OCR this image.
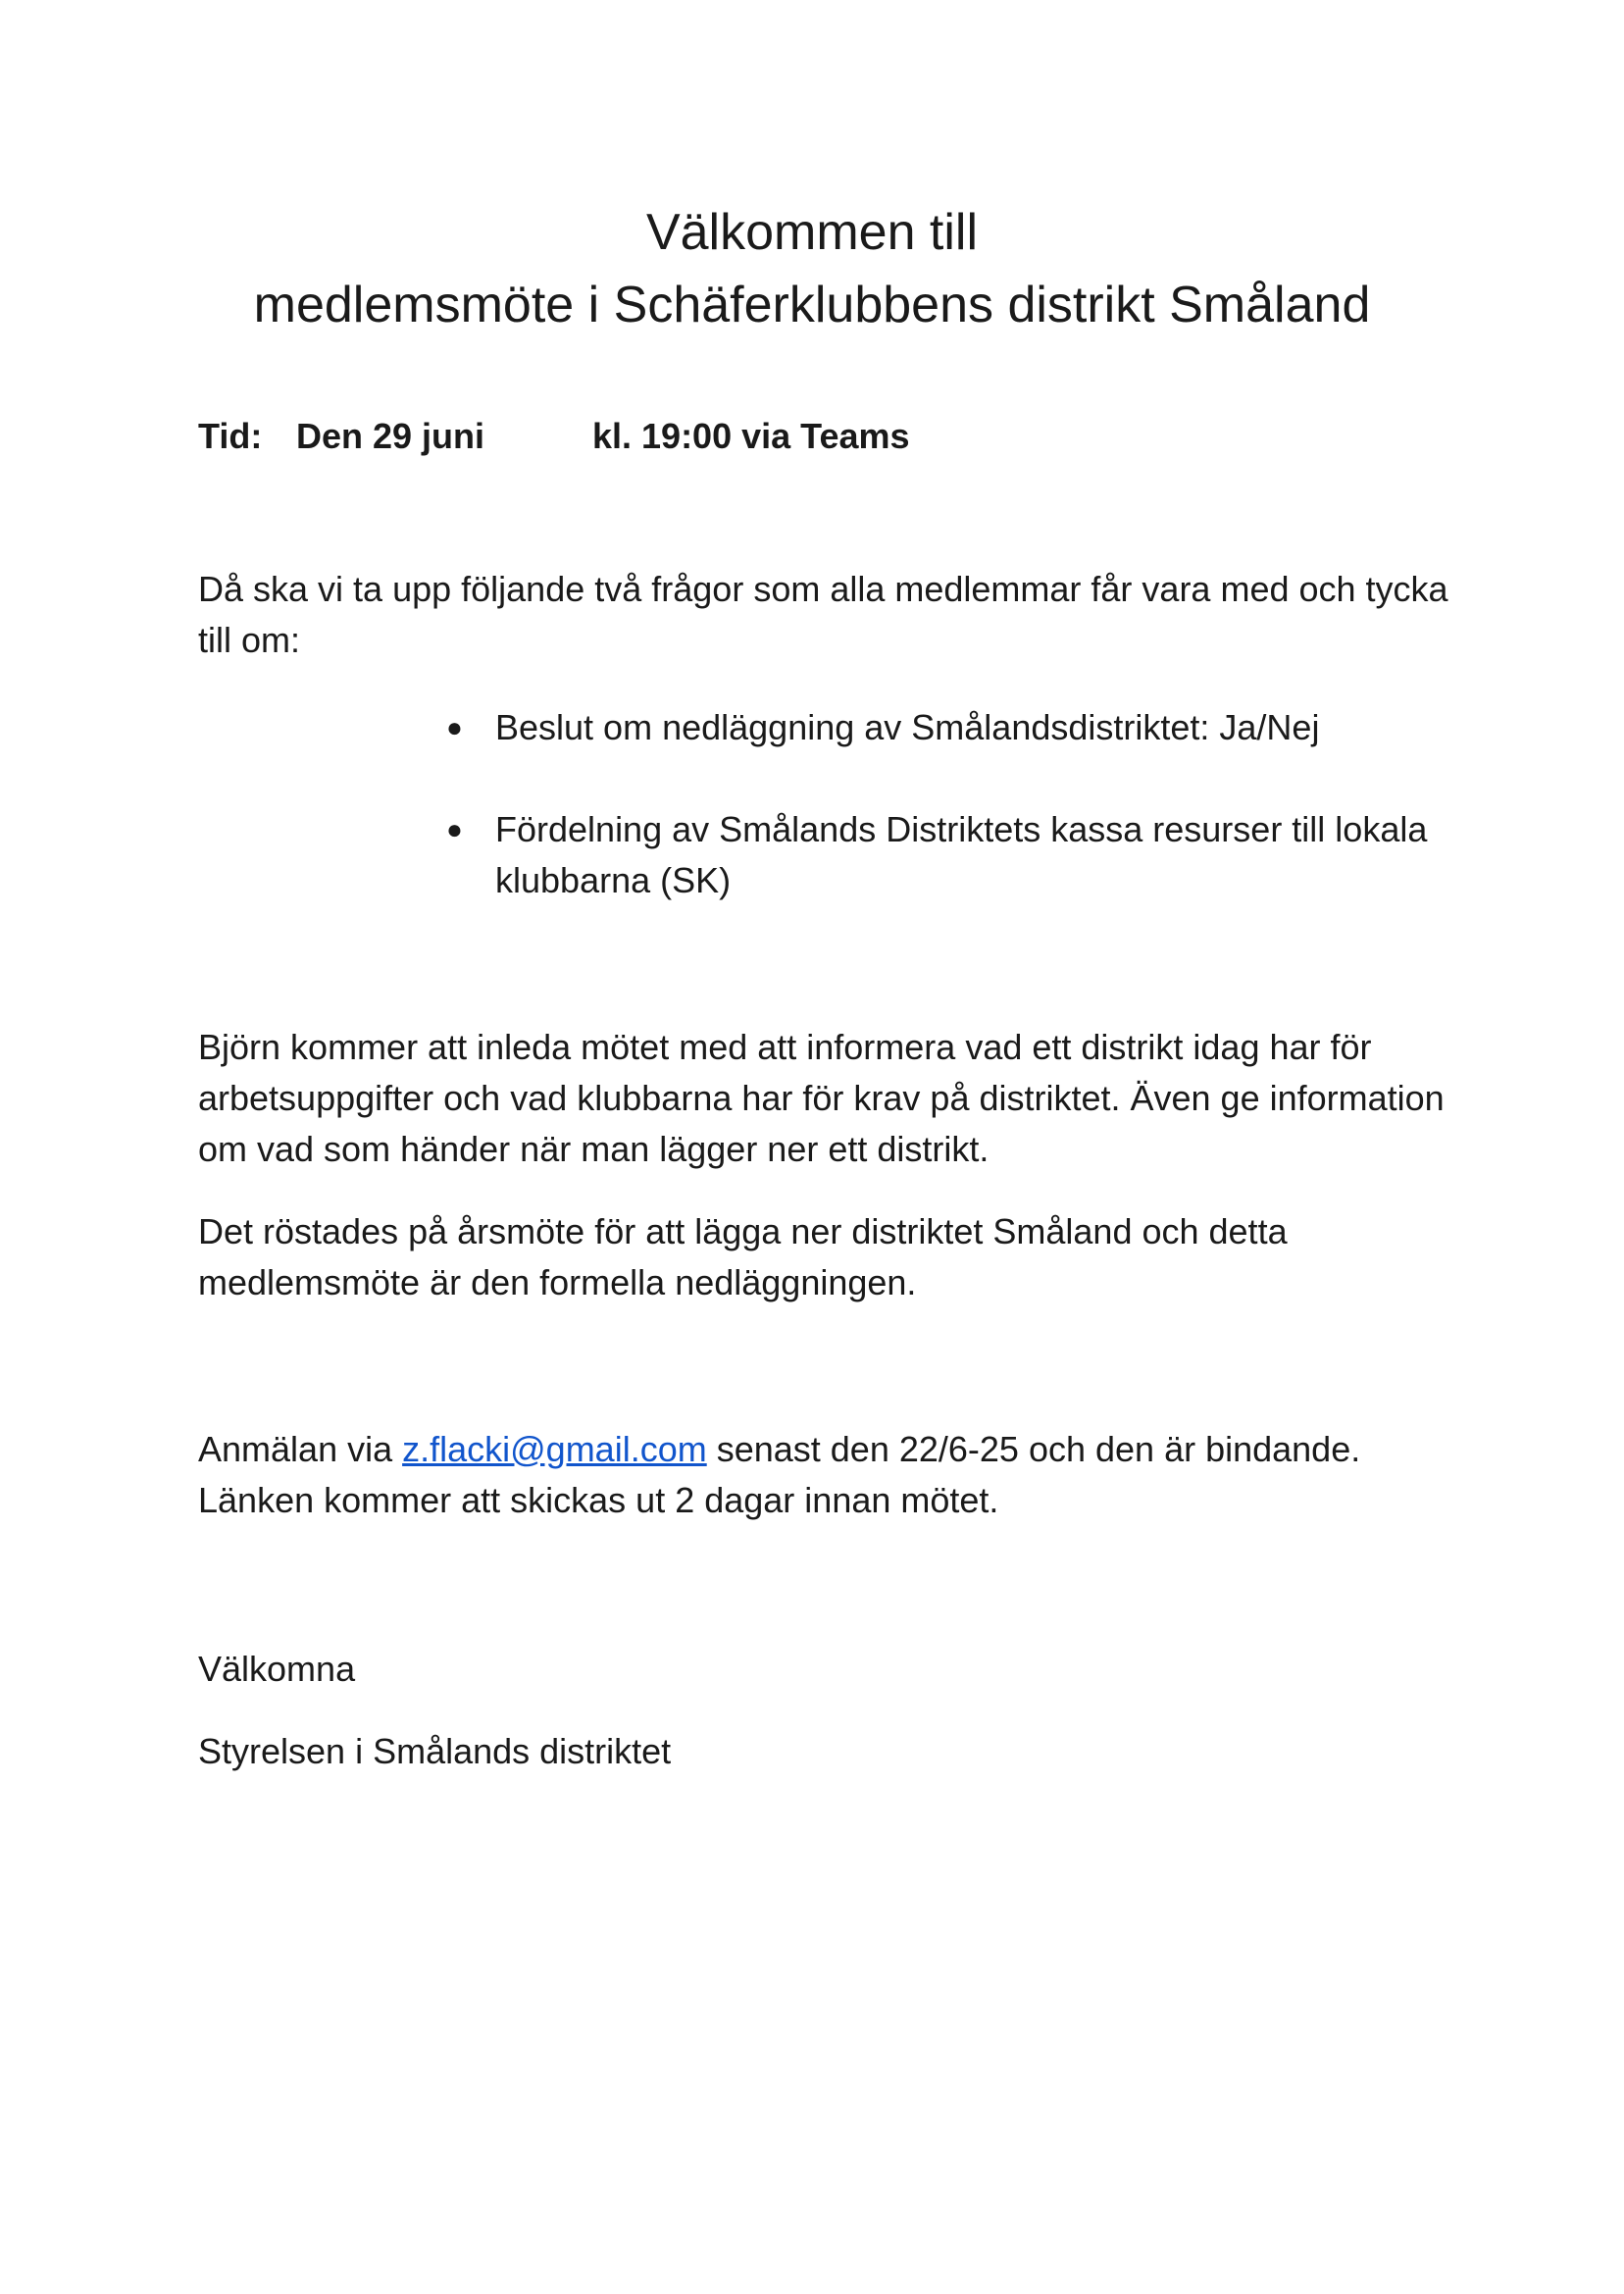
Välkommen till
medlemsmöte i Schäferklubbens distrikt Småland
Tid: Den 29 juni	kl. 19:00 via Teams

Då ska vi ta upp följande två frågor som alla medlemmar får vara med och tycka till om:

● Beslut om nedläggning av Smålandsdistriktet: Ja/Nej
● Fördelning av Smålands Distriktets kassa resurser till lokala klubbarna (SK)

Björn kommer att inleda mötet med att informera vad ett distrikt idag har för arbetsuppgifter och vad klubbarna har för krav på distriktet. Även ge information om vad som händer när man lägger ner ett distrikt.

Det röstades på årsmöte för att lägga ner distriktet Småland och detta medlemsmöte är den formella nedläggningen.

Anmälan via z.flacki@gmail.com senast den 22/6-25 och den är bindande. Länken kommer att skickas ut 2 dagar innan mötet.

Välkomna

Styrelsen i Smålands distriktet
